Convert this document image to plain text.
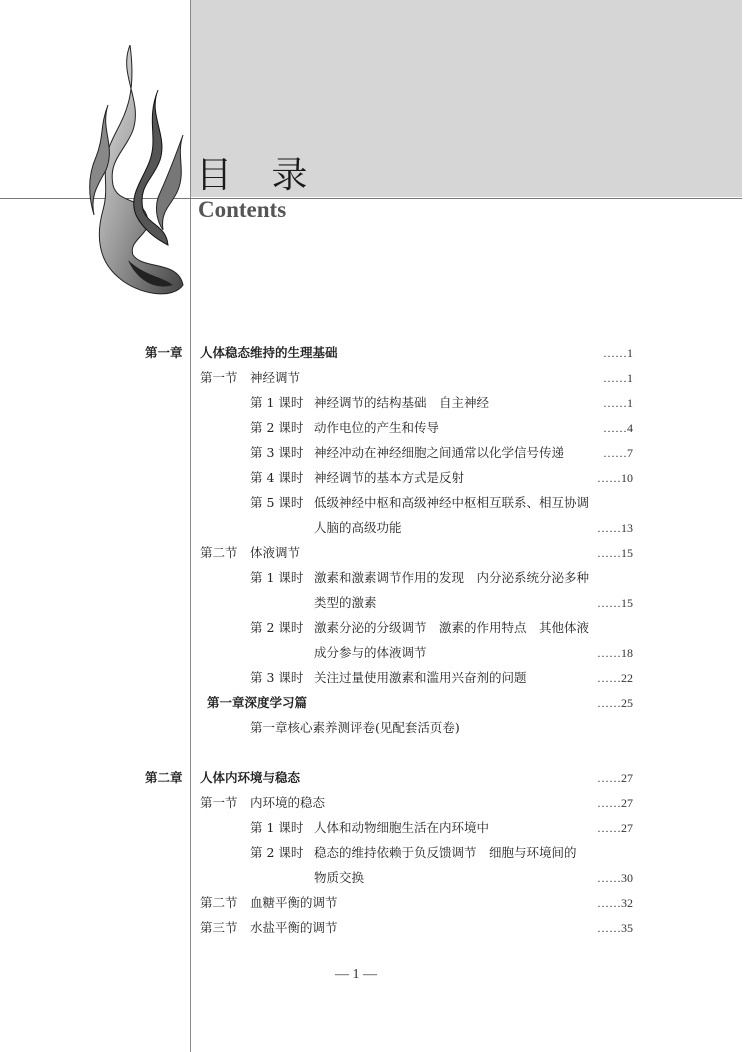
目 录
Contents
第一章 人体稳态维持的生理基础	……1
第一节 神经调节	……1
第 1 课时 神经调节的结构基础　自主神经	……1
第 2 课时 动作电位的产生和传导	……4
第 3 课时 神经冲动在神经细胞之间通常以化学信号传递	……7
第 4 课时 神经调节的基本方式是反射	……10
第 5 课时 低级神经中枢和高级神经中枢相互联系、相互协调
人脑的高级功能	……13
第二节 体液调节	……15
第 1 课时 激素和激素调节作用的发现　内分泌系统分泌多种
类型的激素	……15
第 2 课时 激素分泌的分级调节　激素的作用特点　其他体液
成分参与的体液调节	……18
第 3 课时 关注过量使用激素和滥用兴奋剂的问题	……22
第一章深度学习篇	……25
第一章核心素养测评卷(见配套活页卷)
第二章 人体内环境与稳态	……27
第一节 内环境的稳态	……27
第 1 课时 人体和动物细胞生活在内环境中	……27
第 2 课时 稳态的维持依赖于负反馈调节　细胞与环境间的
物质交换	……30
第二节 血糖平衡的调节	……32
第三节 水盐平衡的调节	……35
— 1 —
